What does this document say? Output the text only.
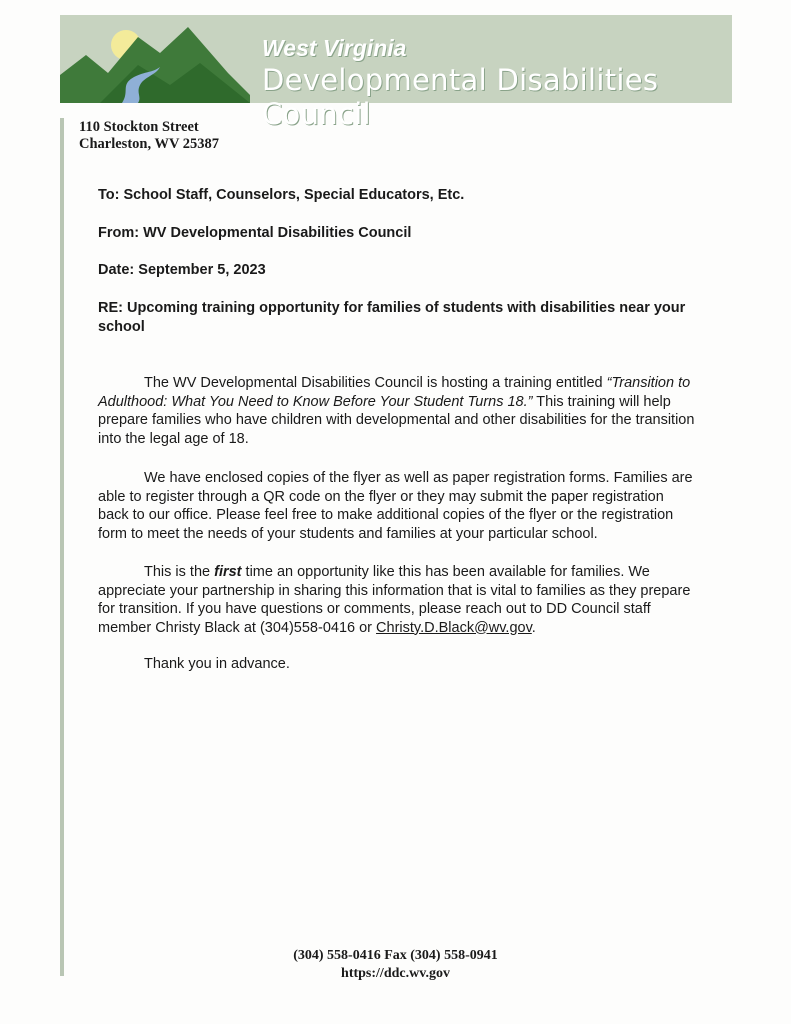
West Virginia
Developmental Disabilities Council
110 Stockton Street
Charleston, WV 25387
To: School Staff, Counselors, Special Educators, Etc.
From: WV Developmental Disabilities Council
Date: September 5, 2023
RE: Upcoming training opportunity for families of students with disabilities near your school
The WV Developmental Disabilities Council is hosting a training entitled “Transition to Adulthood: What You Need to Know Before Your Student Turns 18.” This training will help prepare families who have children with developmental and other disabilities for the transition into the legal age of 18.
We have enclosed copies of the flyer as well as paper registration forms. Families are able to register through a QR code on the flyer or they may submit the paper registration back to our office. Please feel free to make additional copies of the flyer or the registration form to meet the needs of your students and families at your particular school.
This is the first time an opportunity like this has been available for families. We appreciate your partnership in sharing this information that is vital to families as they prepare for transition. If you have questions or comments, please reach out to DD Council staff member Christy Black at (304)558-0416 or Christy.D.Black@wv.gov.
Thank you in advance.
(304) 558-0416 Fax (304) 558-0941
https://ddc.wv.gov
